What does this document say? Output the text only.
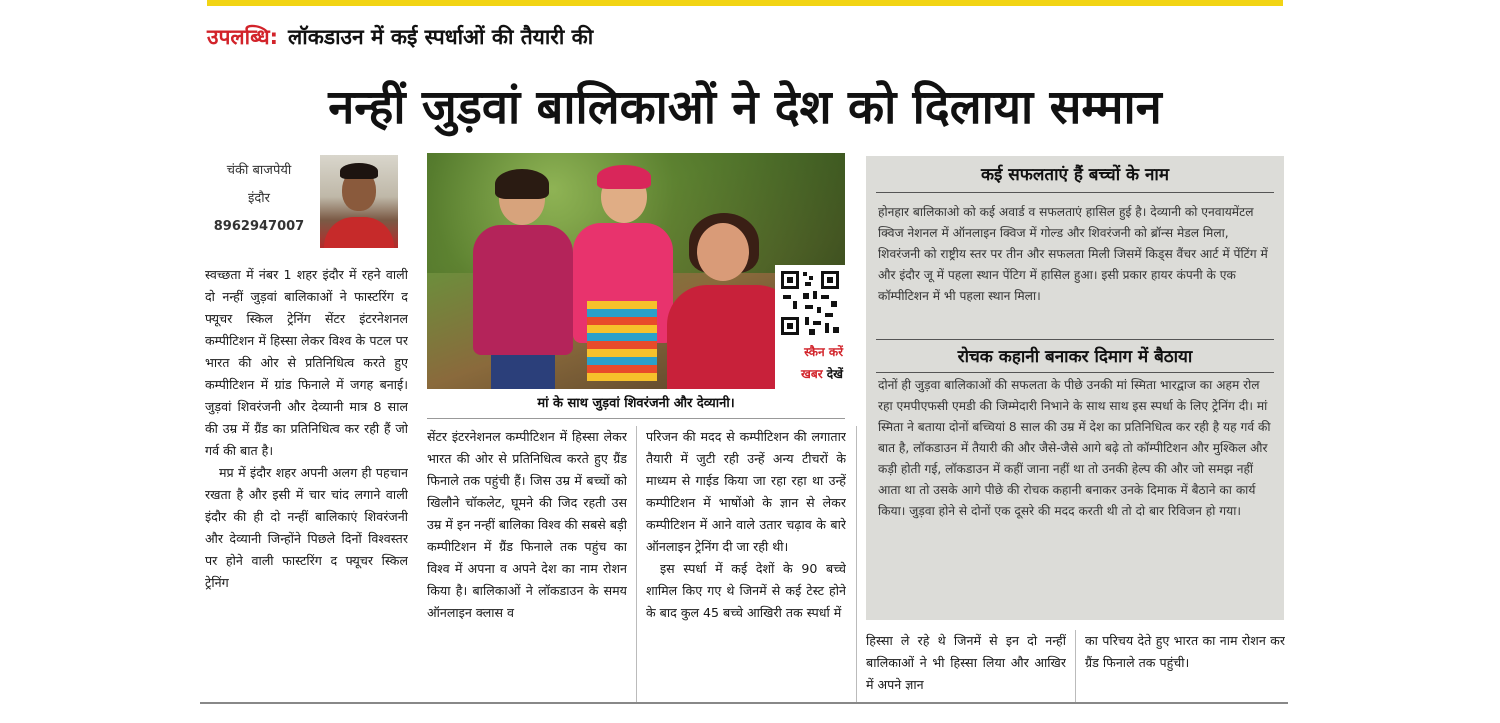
उपलब्धि: लॉकडाउन में कई स्पर्धाओं की तैयारी की
नन्हीं जुड़वां बालिकाओं ने देश को दिलाया सम्मान
चंकी बाजपेयी
इंदौर
8962947007

स्वच्छता में नंबर 1 शहर इंदौर में रहने वाली दो नन्हीं जुड़वां बालिकाओं ने फास्टरिंग द फ्यूचर स्किल ट्रेनिंग सेंटर इंटरनेशनल कम्पीटिशन में हिस्सा लेकर विश्व के पटल पर भारत की ओर से प्रतिनिधित्व करते हुए कम्पीटिशन में ग्रांड फिनाले में जगह बनाई। जुड़वां शिवरंजनी और देव्यानी मात्र 8 साल की उम्र में ग्रैंड का प्रतिनिधित्व कर रही हैं जो गर्व की बात है।

मप्र में इंदौर शहर अपनी अलग ही पहचान रखता है और इसी में चार चांद लगाने वाली इंदौर की ही दो नन्हीं बालिकाएं शिवरंजनी और देव्यानी जिन्होंने पिछले दिनों विश्वस्तर पर होने वाली फास्टरिंग द फ्यूचर स्किल ट्रेनिंग

स्कैन करें
खबर देखें
मां के साथ जुड़वां शिवरंजनी और देव्यानी।

सेंटर इंटरनेशनल कम्पीटिशन में हिस्सा लेकर भारत की ओर से प्रतिनिधित्व करते हुए ग्रैंड फिनाले तक पहुंची हैं। जिस उम्र में बच्चों को खिलौने चॉकलेट, घूमने की जिद रहती उस उम्र में इन नन्हीं बालिका विश्व की सबसे बड़ी कम्पीटिशन में ग्रैंड फिनाले तक पहुंच का विश्व में अपना व अपने देश का नाम रोशन किया है। बालिकाओं ने लॉकडाउन के समय ऑनलाइन क्लास व

परिजन की मदद से कम्पीटिशन की लगातार तैयारी में जुटी रही उन्हें अन्य टीचरों के माध्यम से गाईड किया जा रहा रहा था उन्हें कम्पीटिशन में भाषोंओ के ज्ञान से लेकर कम्पीटिशन में आने वाले उतार चढ़ाव के बारे ऑनलाइन ट्रेनिंग दी जा रही थी।

इस स्पर्धा में कई देशों के 90 बच्चे शामिल किए गए थे जिनमें से कई टेस्ट होने के बाद कुल 45 बच्चे आखिरी तक स्पर्धा में

कई सफलताएं हैं बच्चों के नाम
होनहार बालिकाओ को कई अवार्ड व सफलताएं हासिल हुई है। देव्यानी को एनवायमेंटल क्विज नेशनल में ऑनलाइन क्विज में गोल्ड और शिवरंजनी को ब्रॉन्स मेडल मिला, शिवरंजनी को राष्ट्रीय स्तर पर तीन और सफलता मिली जिसमें किड्स वैंचर आर्ट में पेंटिंग में और इंदौर जू में पहला स्थान पेंटिग में हासिल हुआ। इसी प्रकार हायर कंपनी के एक कॉम्पीटिशन में भी पहला स्थान मिला।
रोचक कहानी बनाकर दिमाग में बैठाया
दोनों ही जुड़वा बालिकाओं की सफलता के पीछे उनकी मां स्मिता भारद्वाज का अहम रोल रहा एमपीएफसी एमडी की जिम्मेदारी निभाने के साथ साथ इस स्पर्धा के लिए ट्रेनिंग दी। मां स्मिता ने बताया दोनों बच्चियां 8 साल की उम्र में देश का प्रतिनिधित्व कर रही है यह गर्व की बात है, लॉकडाउन में तैयारी की और जैसे-जैसे आगे बढ़े तो कॉम्पीटिशन और मुश्किल और कड़ी होती गई, लॉकडाउन में कहीं जाना नहीं था तो उनकी हेल्प की और जो समझ नहीं आता था तो उसके आगे पीछे की रोचक कहानी बनाकर उनके दिमाक में बैठाने का कार्य किया। जुड़वा होने से दोनों एक दूसरे की मदद करती थी तो दो बार रिविजन हो गया।
हिस्सा ले रहे थे जिनमें से इन दो नन्हीं बालिकाओं ने भी हिस्सा लिया और आखिर में अपने ज्ञान
का परिचय देते हुए भारत का नाम रोशन कर ग्रैंड फिनाले तक पहुंची।
